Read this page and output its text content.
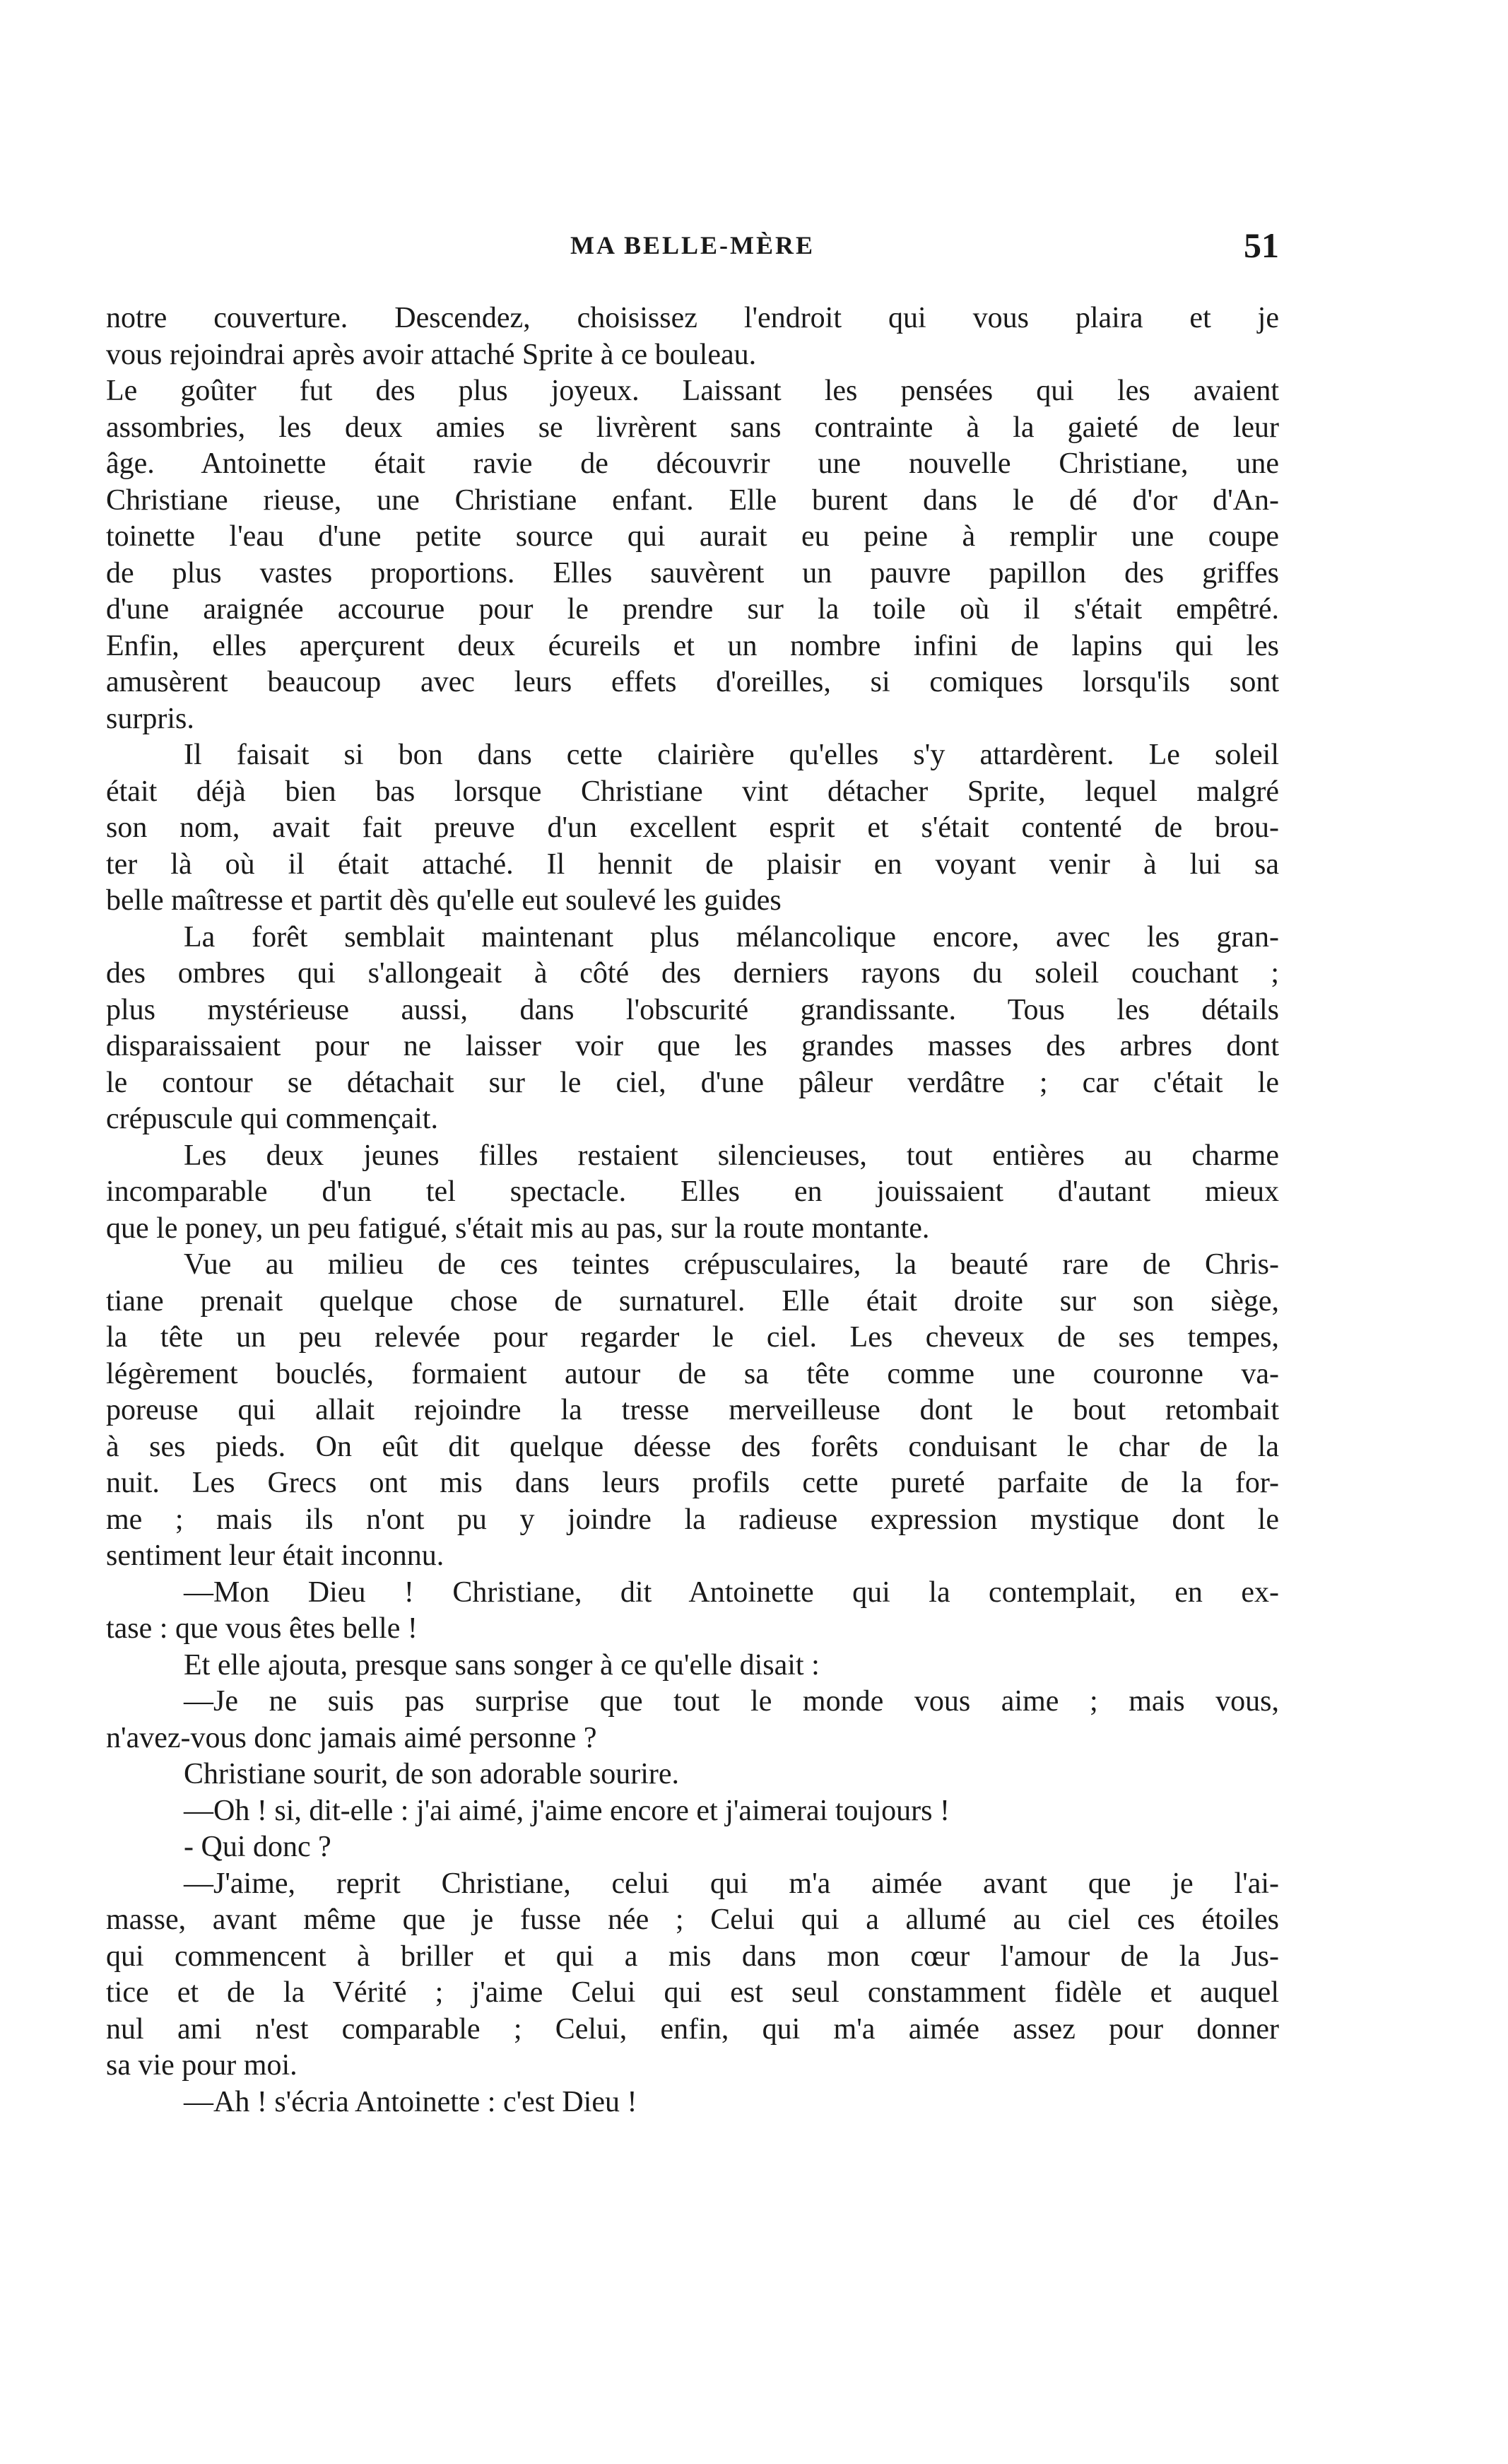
MA BELLE-MÈRE	51
notre couverture. Descendez, choisissez l'endroit qui vous plaira et je
vous rejoindrai après avoir attaché Sprite à ce bouleau.
Le goûter fut des plus joyeux. Laissant les pensées qui les avaient
assombries, les deux amies se livrèrent sans contrainte à la gaieté de leur
âge. Antoinette était ravie de découvrir une nouvelle Christiane, une
Christiane rieuse, une Christiane enfant. Elle burent dans le dé d'or d'An-
toinette l'eau d'une petite source qui aurait eu peine à remplir une coupe
de plus vastes proportions. Elles sauvèrent un pauvre papillon des griffes
d'une araignée accourue pour le prendre sur la toile où il s'était empêtré.
Enfin, elles aperçurent deux écureils et un nombre infini de lapins qui les
amusèrent beaucoup avec leurs effets d'oreilles, si comiques lorsqu'ils sont
surpris.
Il faisait si bon dans cette clairière qu'elles s'y attardèrent. Le soleil
était déjà bien bas lorsque Christiane vint détacher Sprite, lequel malgré
son nom, avait fait preuve d'un excellent esprit et s'était contenté de brou-
ter là où il était attaché. Il hennit de plaisir en voyant venir à lui sa
belle maîtresse et partit dès qu'elle eut soulevé les guides
La forêt semblait maintenant plus mélancolique encore, avec les gran-
des ombres qui s'allongeait à côté des derniers rayons du soleil couchant ;
plus mystérieuse aussi, dans l'obscurité grandissante. Tous les détails
disparaissaient pour ne laisser voir que les grandes masses des arbres dont
le contour se détachait sur le ciel, d'une pâleur verdâtre ; car c'était le
crépuscule qui commençait.
Les deux jeunes filles restaient silencieuses, tout entières au charme
incomparable d'un tel spectacle. Elles en jouissaient d'autant mieux
que le poney, un peu fatigué, s'était mis au pas, sur la route montante.
Vue au milieu de ces teintes crépusculaires, la beauté rare de Chris-
tiane prenait quelque chose de surnaturel. Elle était droite sur son siège,
la tête un peu relevée pour regarder le ciel. Les cheveux de ses tempes,
légèrement bouclés, formaient autour de sa tête comme une couronne va-
poreuse qui allait rejoindre la tresse merveilleuse dont le bout retombait
à ses pieds. On eût dit quelque déesse des forêts conduisant le char de la
nuit. Les Grecs ont mis dans leurs profils cette pureté parfaite de la for-
me ; mais ils n'ont pu y joindre la radieuse expression mystique dont le
sentiment leur était inconnu.
—Mon Dieu ! Christiane, dit Antoinette qui la contemplait, en ex-
tase : que vous êtes belle !
Et elle ajouta, presque sans songer à ce qu'elle disait :
—Je ne suis pas surprise que tout le monde vous aime ; mais vous,
n'avez-vous donc jamais aimé personne ?
Christiane sourit, de son adorable sourire.
—Oh ! si, dit-elle : j'ai aimé, j'aime encore et j'aimerai toujours !
- Qui donc ?
—J'aime, reprit Christiane, celui qui m'a aimée avant que je l'ai-
masse, avant même que je fusse née ; Celui qui a allumé au ciel ces étoiles
qui commencent à briller et qui a mis dans mon cœur l'amour de la Jus-
tice et de la Vérité ; j'aime Celui qui est seul constamment fidèle et auquel
nul ami n'est comparable ; Celui, enfin, qui m'a aimée assez pour donner
sa vie pour moi.
—Ah ! s'écria Antoinette : c'est Dieu !
